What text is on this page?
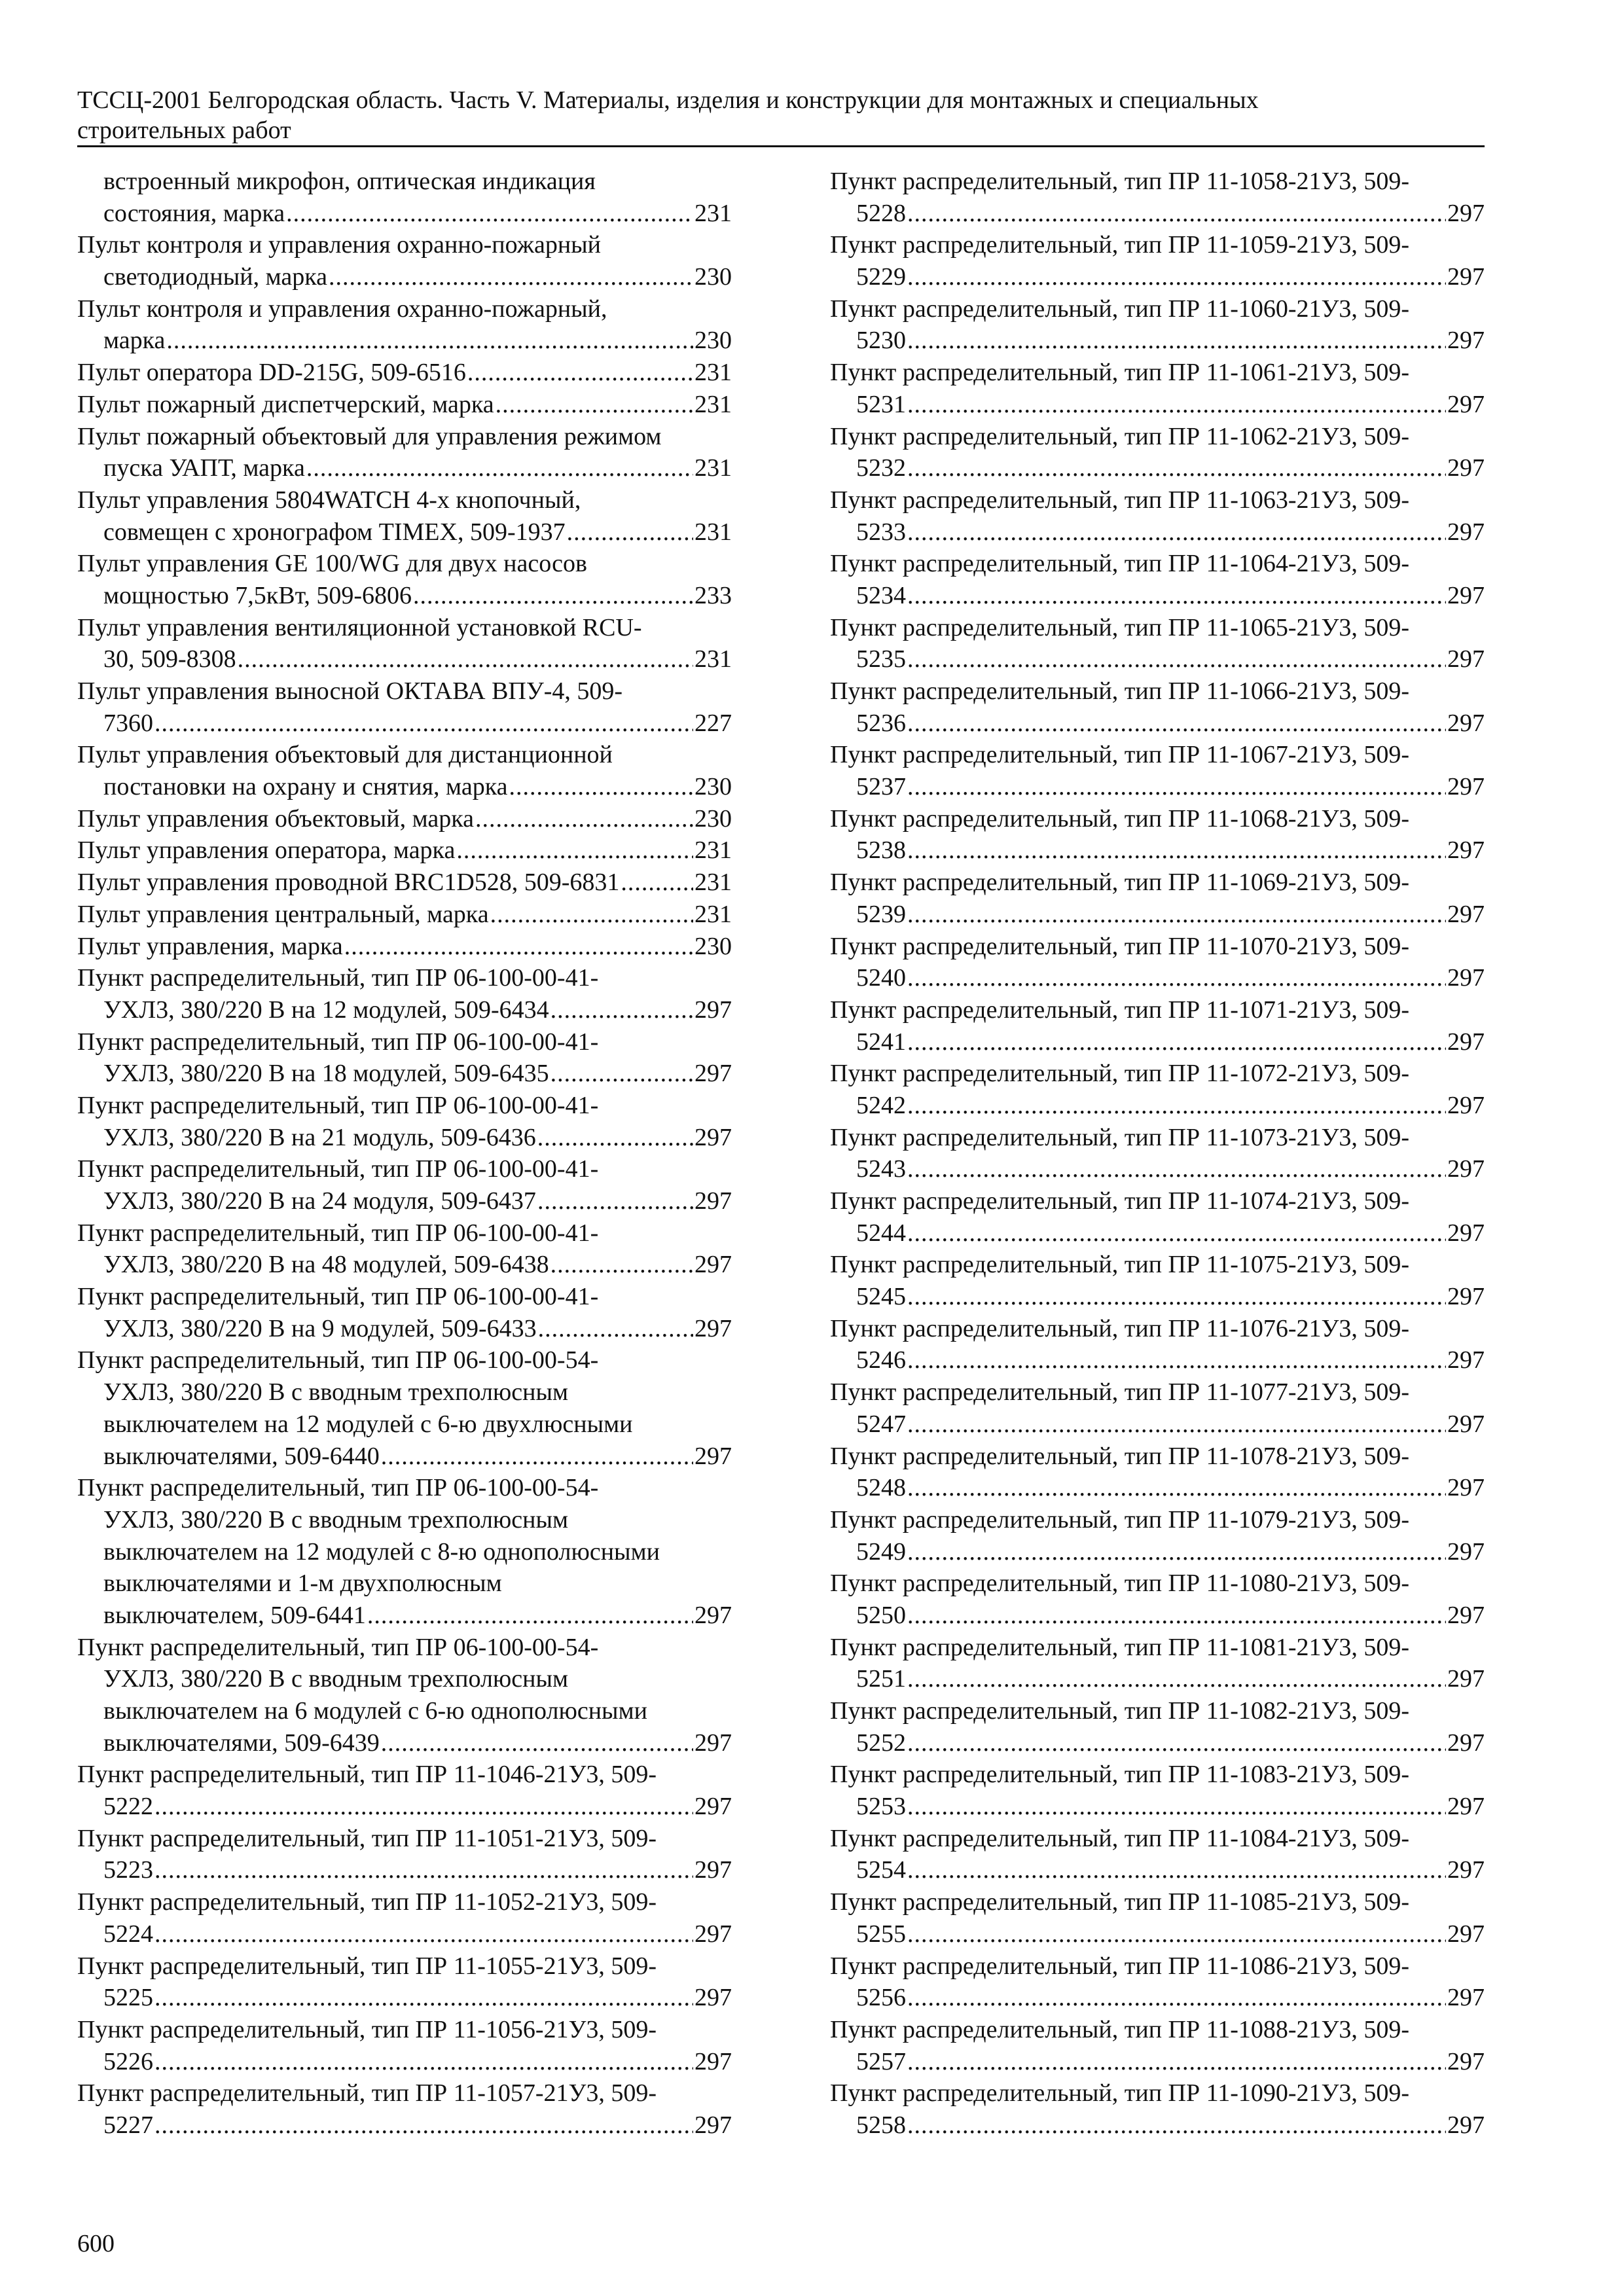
ТССЦ-2001 Белгородская область. Часть V. Материалы, изделия и конструкции для монтажных и специальных
строительных работ
встроенный микрофон, оптическая индикация
состояния, марка .....	231
Пульт контроля и управления охранно-пожарный
светодиодный, марка .....	230
Пульт контроля и управления охранно-пожарный,
марка .....	230
Пульт оператора DD-215G, 509-6516 .....	231
Пульт пожарный диспетчерский, марка .....	231
Пульт пожарный объектовый для управления режимом
пуска УАПТ, марка .....	231
Пульт управления 5804WATCH 4-х кнопочный,
совмещен с хронографом TIMEX, 509-1937 .....	231
Пульт управления GE 100/WG для двух насосов
мощностью 7,5кВт, 509-6806 .....	233
Пульт управления вентиляционной установкой RCU-
30, 509-8308 .....	231
Пульт управления выносной ОКТАВА ВПУ-4, 509-
7360 .....	227
Пульт управления объектовый для дистанционной
постановки на охрану и снятия, марка .....	230
Пульт управления объектовый, марка .....	230
Пульт управления оператора, марка .....	231
Пульт управления проводной BRC1D528, 509-6831 .....	231
Пульт управления центральный, марка .....	231
Пульт управления, марка .....	230
Пункт распределительный, тип ПР 06-100-00-41-
УХЛ3, 380/220 В на 12 модулей, 509-6434 .....	297
Пункт распределительный, тип ПР 06-100-00-41-
УХЛ3, 380/220 В на 18 модулей, 509-6435 .....	297
Пункт распределительный, тип ПР 06-100-00-41-
УХЛ3, 380/220 В на 21 модуль, 509-6436 .....	297
Пункт распределительный, тип ПР 06-100-00-41-
УХЛ3, 380/220 В на 24 модуля, 509-6437 .....	297
Пункт распределительный, тип ПР 06-100-00-41-
УХЛ3, 380/220 В на 48 модулей, 509-6438 .....	297
Пункт распределительный, тип ПР 06-100-00-41-
УХЛ3, 380/220 В на 9 модулей, 509-6433 .....	297
Пункт распределительный, тип ПР 06-100-00-54-
УХЛ3, 380/220 В с вводным трехполюсным
выключателем на 12 модулей с 6-ю двухлюсными
выключателями, 509-6440 .....	297
Пункт распределительный, тип ПР 06-100-00-54-
УХЛ3, 380/220 В с вводным трехполюсным
выключателем на 12 модулей с 8-ю однополюсными
выключателями и 1-м двухполюсным
выключателем, 509-6441 .....	297
Пункт распределительный, тип ПР 06-100-00-54-
УХЛ3, 380/220 В с вводным трехполюсным
выключателем на 6 модулей с 6-ю однополюсными
выключателями, 509-6439 .....	297
Пункт распределительный, тип ПР 11-1046-21У3, 509-
5222 .....	297
Пункт распределительный, тип ПР 11-1051-21У3, 509-
5223 .....	297
Пункт распределительный, тип ПР 11-1052-21У3, 509-
5224 .....	297
Пункт распределительный, тип ПР 11-1055-21У3, 509-
5225 .....	297
Пункт распределительный, тип ПР 11-1056-21У3, 509-
5226 .....	297
Пункт распределительный, тип ПР 11-1057-21У3, 509-
5227 .....	297
Пункт распределительный, тип ПР 11-1058-21У3, 509-
5228 .....	297
Пункт распределительный, тип ПР 11-1059-21У3, 509-
5229 .....	297
Пункт распределительный, тип ПР 11-1060-21У3, 509-
5230 .....	297
Пункт распределительный, тип ПР 11-1061-21У3, 509-
5231 .....	297
Пункт распределительный, тип ПР 11-1062-21У3, 509-
5232 .....	297
Пункт распределительный, тип ПР 11-1063-21У3, 509-
5233 .....	297
Пункт распределительный, тип ПР 11-1064-21У3, 509-
5234 .....	297
Пункт распределительный, тип ПР 11-1065-21У3, 509-
5235 .....	297
Пункт распределительный, тип ПР 11-1066-21У3, 509-
5236 .....	297
Пункт распределительный, тип ПР 11-1067-21У3, 509-
5237 .....	297
Пункт распределительный, тип ПР 11-1068-21У3, 509-
5238 .....	297
Пункт распределительный, тип ПР 11-1069-21У3, 509-
5239 .....	297
Пункт распределительный, тип ПР 11-1070-21У3, 509-
5240 .....	297
Пункт распределительный, тип ПР 11-1071-21У3, 509-
5241 .....	297
Пункт распределительный, тип ПР 11-1072-21У3, 509-
5242 .....	297
Пункт распределительный, тип ПР 11-1073-21У3, 509-
5243 .....	297
Пункт распределительный, тип ПР 11-1074-21У3, 509-
5244 .....	297
Пункт распределительный, тип ПР 11-1075-21У3, 509-
5245 .....	297
Пункт распределительный, тип ПР 11-1076-21У3, 509-
5246 .....	297
Пункт распределительный, тип ПР 11-1077-21У3, 509-
5247 .....	297
Пункт распределительный, тип ПР 11-1078-21У3, 509-
5248 .....	297
Пункт распределительный, тип ПР 11-1079-21У3, 509-
5249 .....	297
Пункт распределительный, тип ПР 11-1080-21У3, 509-
5250 .....	297
Пункт распределительный, тип ПР 11-1081-21У3, 509-
5251 .....	297
Пункт распределительный, тип ПР 11-1082-21У3, 509-
5252 .....	297
Пункт распределительный, тип ПР 11-1083-21У3, 509-
5253 .....	297
Пункт распределительный, тип ПР 11-1084-21У3, 509-
5254 .....	297
Пункт распределительный, тип ПР 11-1085-21У3, 509-
5255 .....	297
Пункт распределительный, тип ПР 11-1086-21У3, 509-
5256 .....	297
Пункт распределительный, тип ПР 11-1088-21У3, 509-
5257 .....	297
Пункт распределительный, тип ПР 11-1090-21У3, 509-
5258 .....	297
600
